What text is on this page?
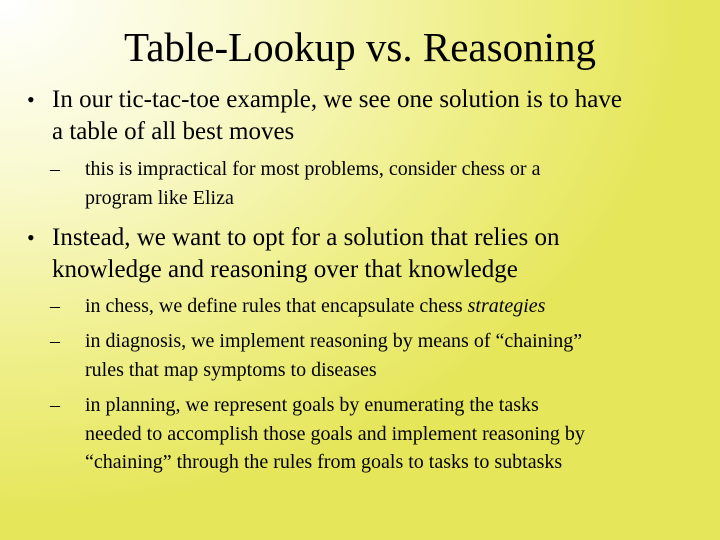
Table-Lookup vs. Reasoning
• In our tic-tac-toe example, we see one solution is to have
a table of all best moves
– this is impractical for most problems, consider chess or a
program like Eliza
• Instead, we want to opt for a solution that relies on
knowledge and reasoning over that knowledge
–	in chess, we define rules that encapsulate chess strategies
– in diagnosis, we implement reasoning by means of “chaining”
rules that map symptoms to diseases
– in planning, we represent goals by enumerating the tasks
needed to accomplish those goals and implement reasoning by
“chaining” through the rules from goals to tasks to subtasks
